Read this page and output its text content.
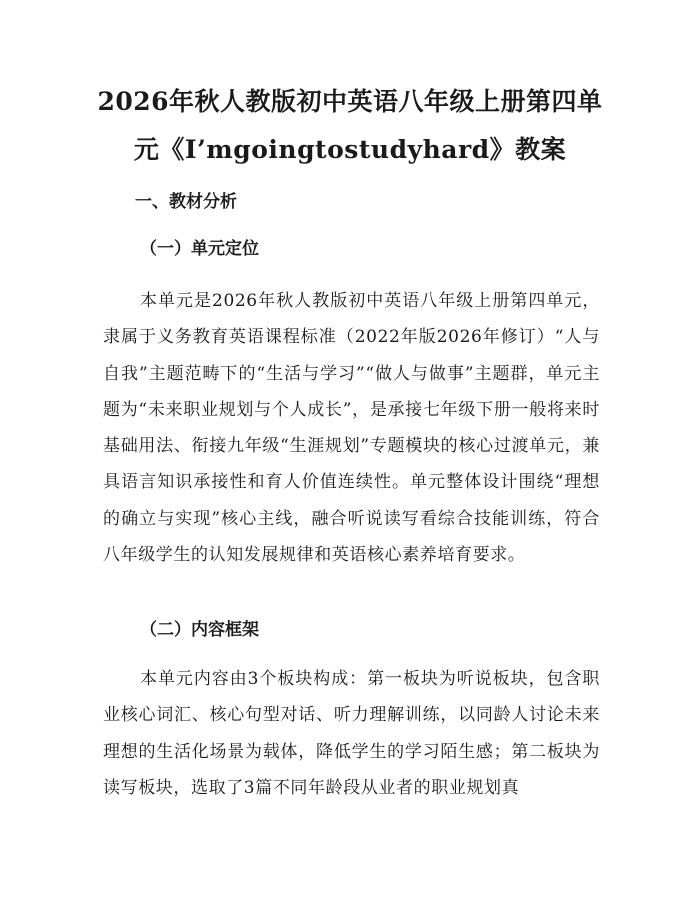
2026年秋人教版初中英语八年级上册第四单
元《I’mgoingtostudyhard》教案
一、教材分析
（一）单元定位

本单元是2026年秋人教版初中英语八年级上册第四单元，隶属于义务教育英语课程标准（2022年版2026年修订）“人与自我”主题范畴下的“生活与学习”“做人与做事”主题群，单元主题为“未来职业规划与个人成长”，是承接七年级下册一般将来时基础用法、衔接九年级“生涯规划”专题模块的核心过渡单元，兼具语言知识承接性和育人价值连续性。单元整体设计围绕“理想的确立与实现”核心主线，融合听说读写看综合技能训练，符合八年级学生的认知发展规律和英语核心素养培育要求。

（二）内容框架

本单元内容由3个板块构成：第一板块为听说板块，包含职业核心词汇、核心句型对话、听力理解训练，以同龄人讨论未来理想的生活化场景为载体，降低学生的学习陌生感；第二板块为读写板块，选取了3篇不同年龄段从业者的职业规划真
